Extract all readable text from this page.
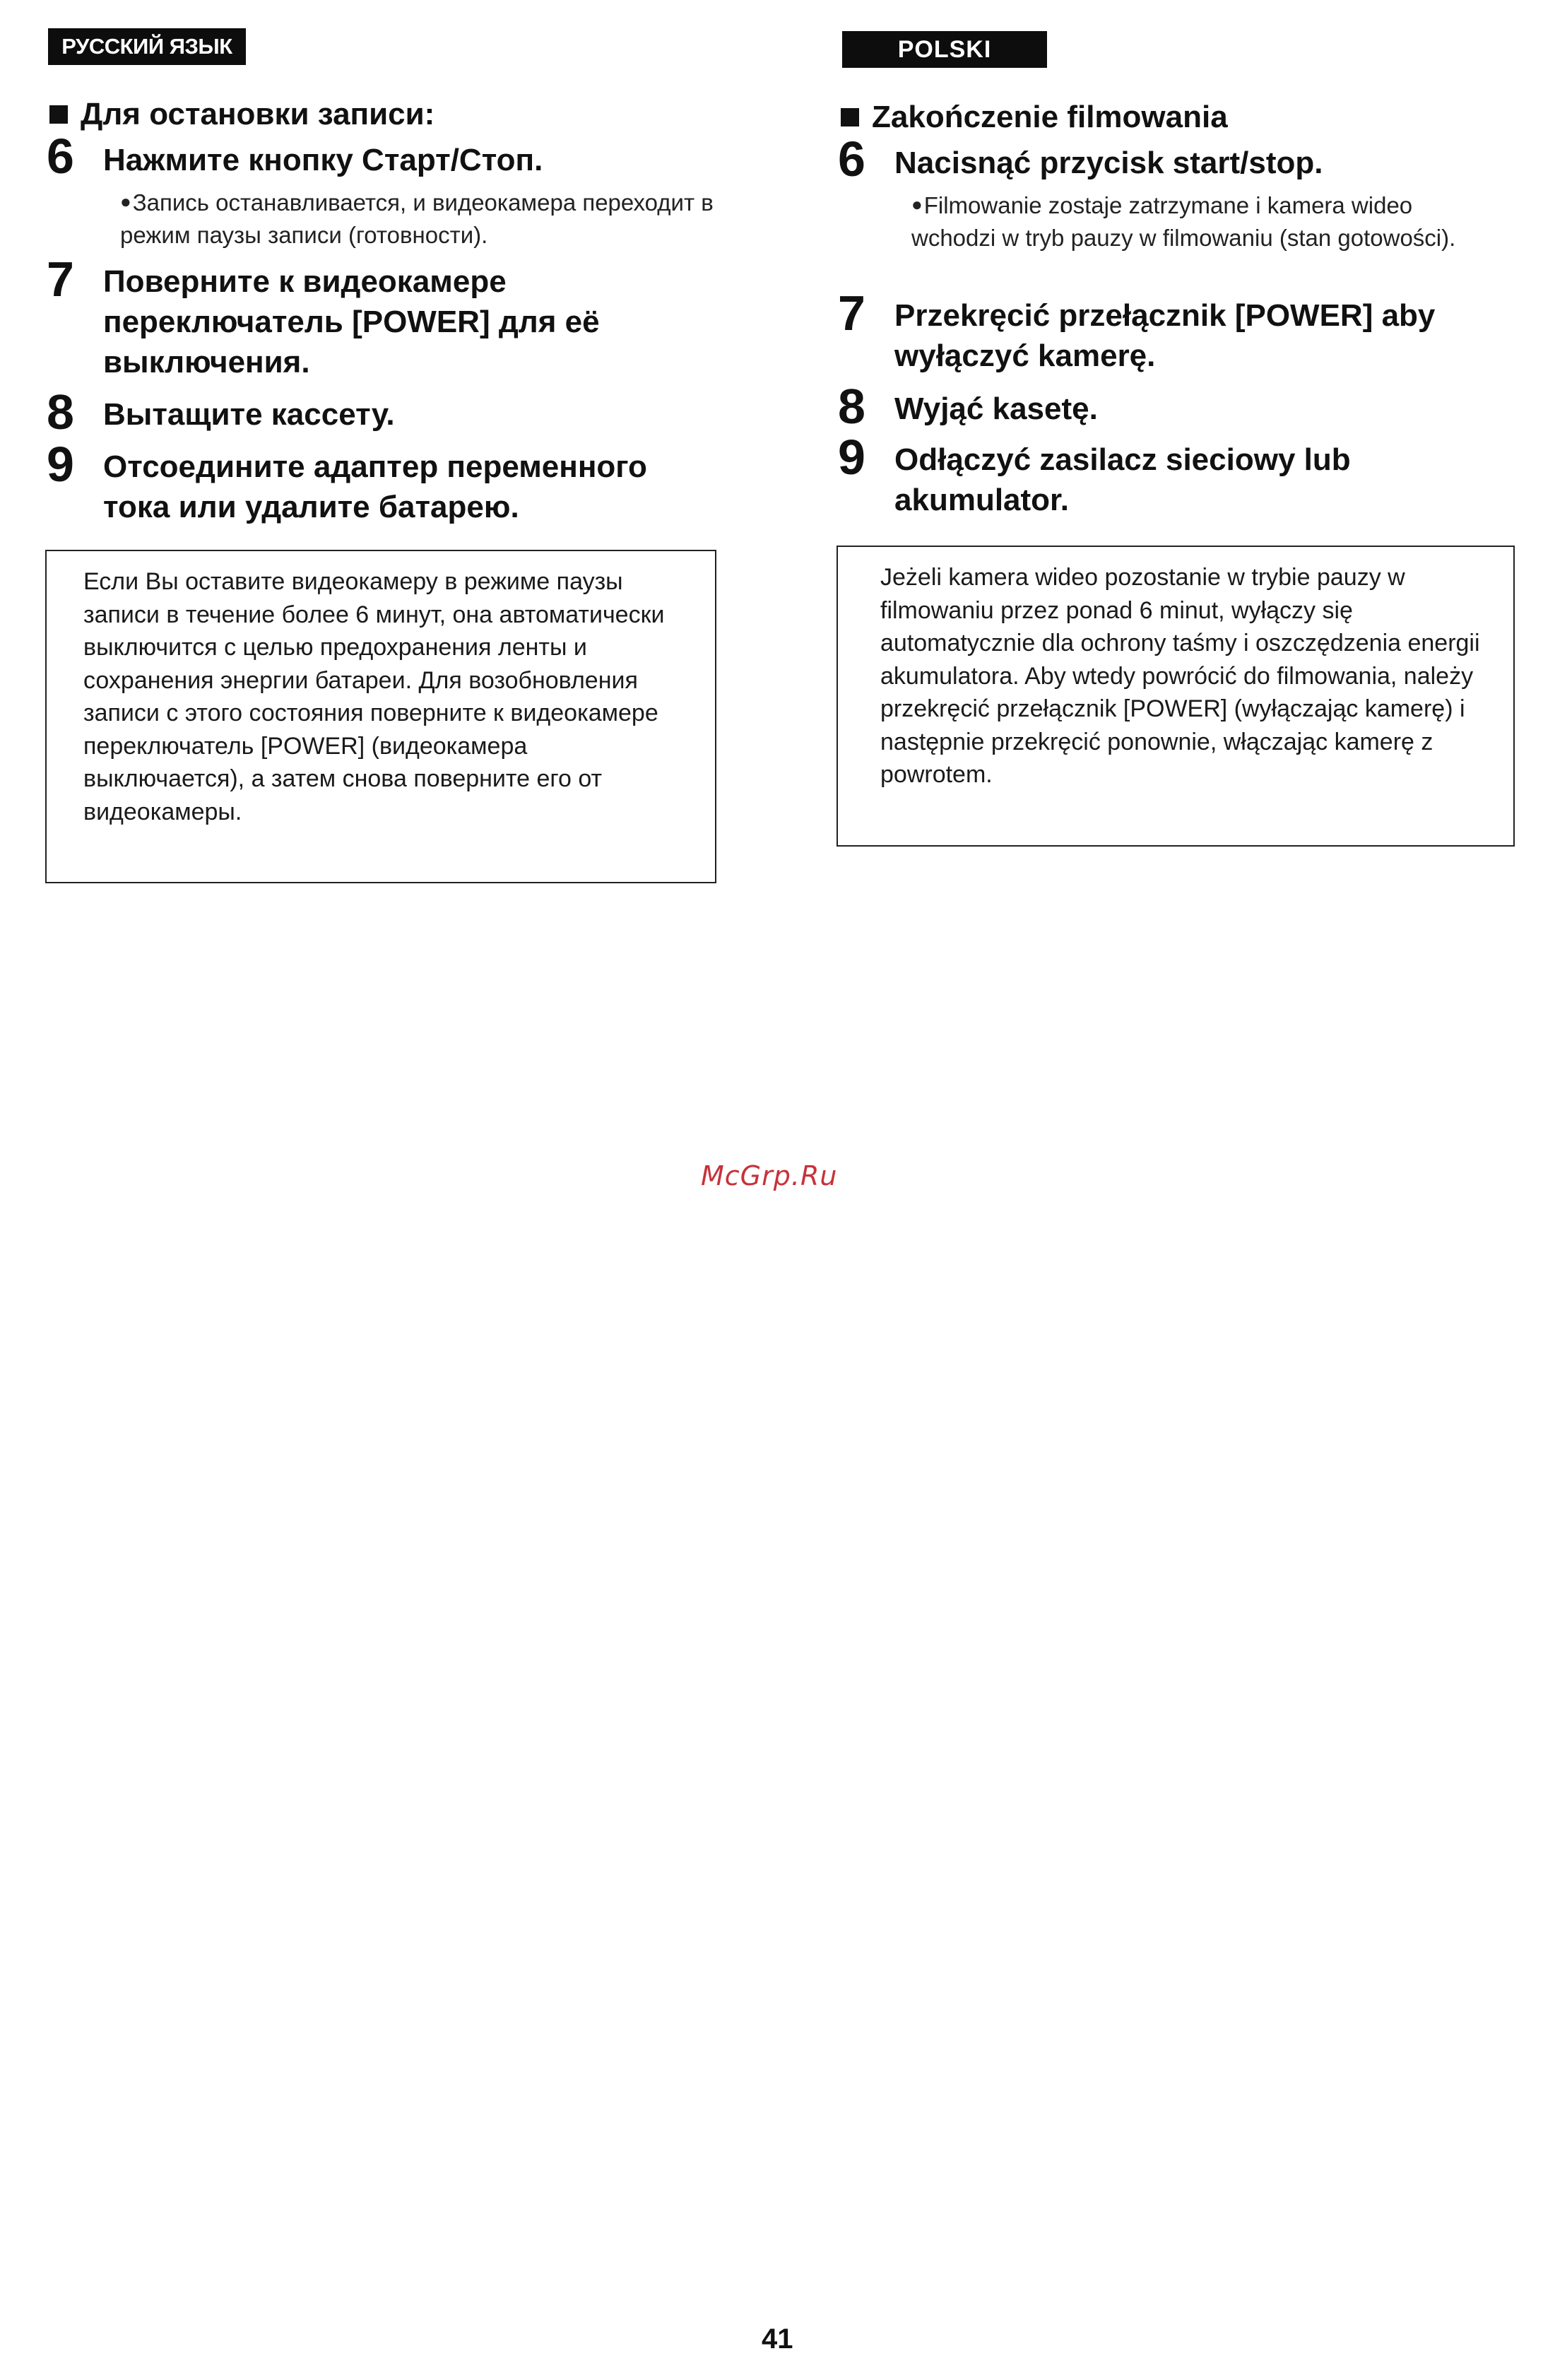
РУССКИЙ ЯЗЫК
Для остановки записи:
6 Нажмите кнопку Старт/Стоп.
●Запись останавливается, и видеокамера переходит в режим паузы записи (готовности).
7 Поверните к видеокамере переключатель [POWER] для её выключения.
8 Вытащите кассету.
9 Отсоедините адаптер переменного тока или удалите батарею.
Если Вы оставите видеокамеру в режиме паузы записи в течение более 6 минут, она автоматически выключится с целью предохранения ленты и сохранения энергии батареи. Для возобновления записи с этого состояния поверните к видеокамере переключатель [POWER] (видеокамера выключается), а затем снова поверните его от видеокамеры.
POLSKI
Zakończenie filmowania
6 Nacisnąć przycisk start/stop.
●Filmowanie zostaje zatrzymane i kamera wideo wchodzi w tryb pauzy w filmowaniu (stan gotowości).
7 Przekręcić przełącznik [POWER] aby wyłączyć kamerę.
8 Wyjąć kasetę.
9 Odłączyć zasilacz sieciowy lub akumulator.
Jeżeli kamera wideo pozostanie w trybie pauzy w filmowaniu przez ponad 6 minut, wyłączy się automatycznie dla ochrony taśmy i oszczędzenia energii akumulatora. Aby wtedy powrócić do filmowania, należy przekręcić przełącznik [POWER] (wyłączając kamerę) i następnie przekręcić ponownie, włączając kamerę z powrotem.
McGrp.Ru
41
